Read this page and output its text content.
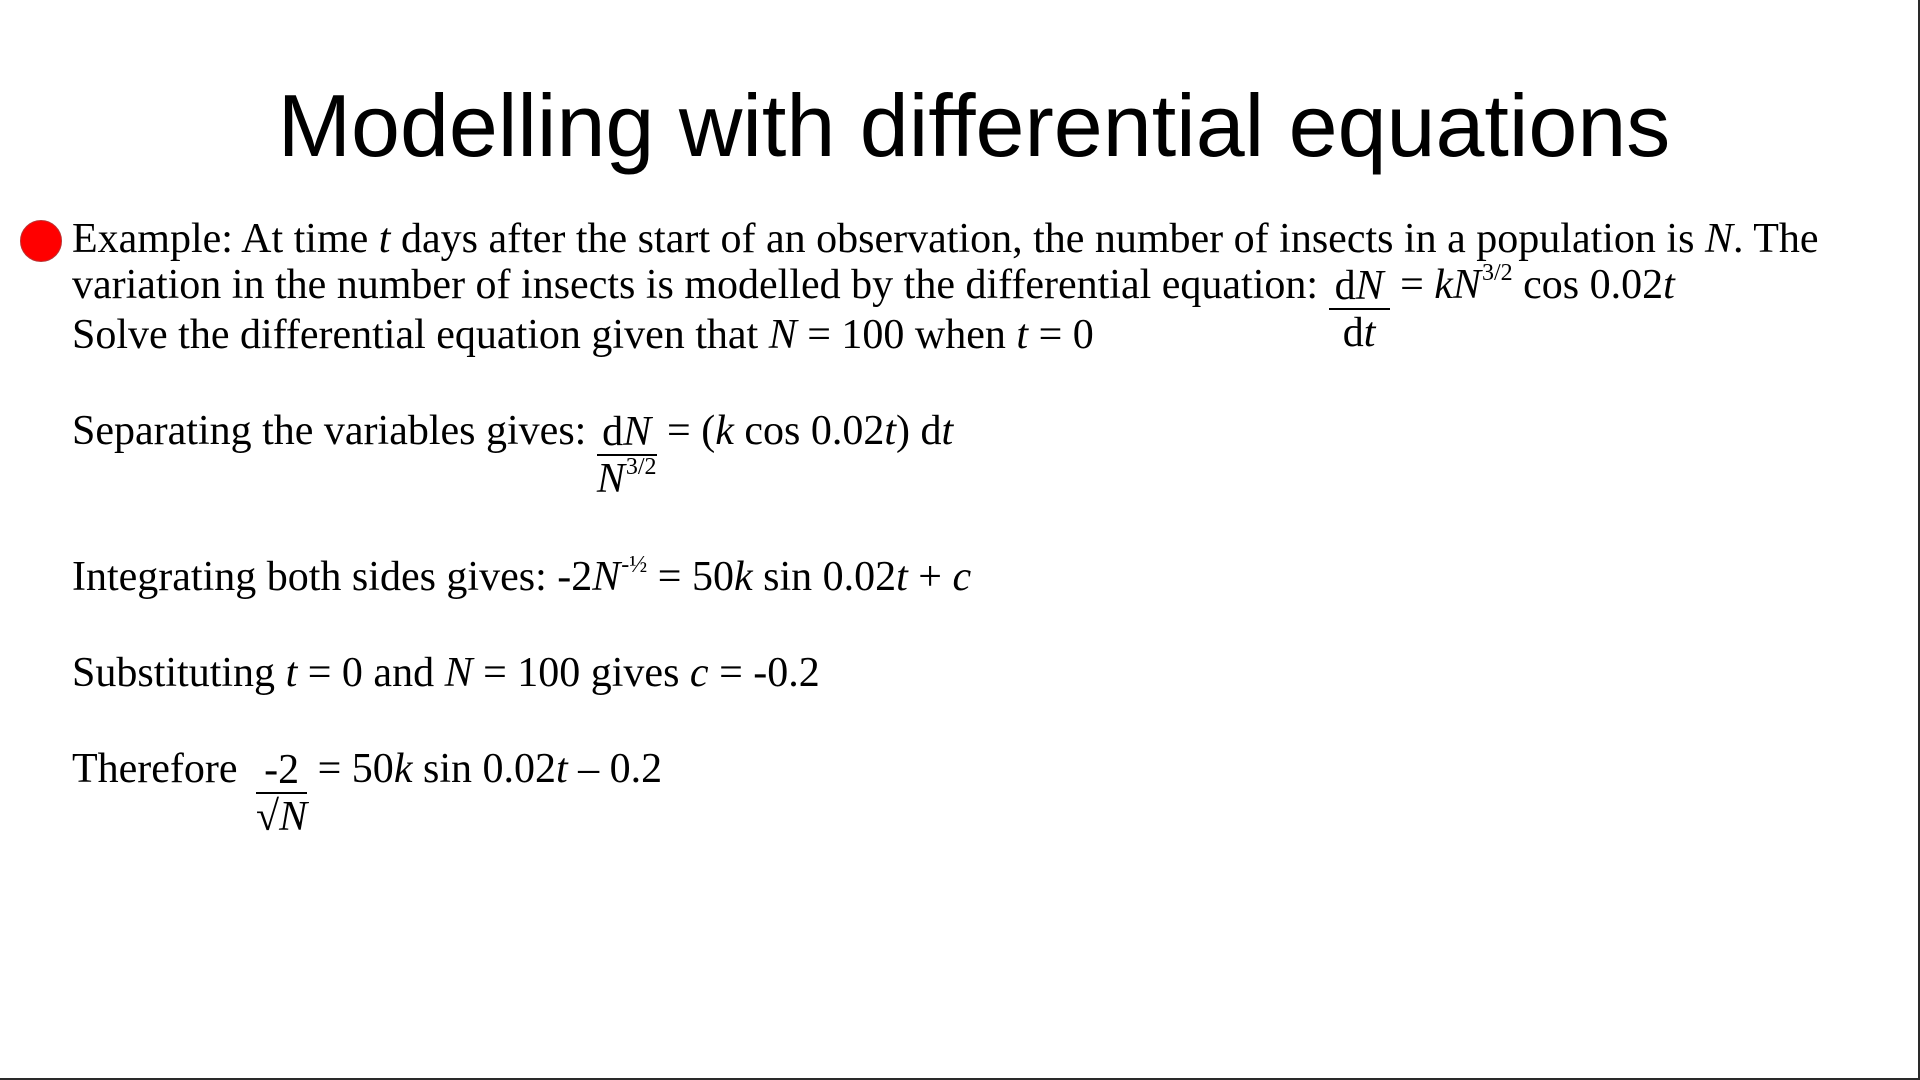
Modelling with differential equations
Example: At time t days after the start of an observation, the number of insects in a population is N. The
variation in the number of insects is modelled by the differential equation: $\frac{dN}{dt} = kN^{3/2}$ cos 0.02t
Solve the differential equation given that N = 100 when t = 0
Separating the variables gives: $\frac{dN}{N^{3/2}} = (k$ cos 0.02t) dt
Integrating both sides gives: $-2N^{-\frac{1}{2}} = 50k$ sin 0.02t + c
Substituting t = 0 and N = 100 gives c = -0.2
Therefore $\frac{-2}{√N} = 50k$ sin 0.02t – 0.2
